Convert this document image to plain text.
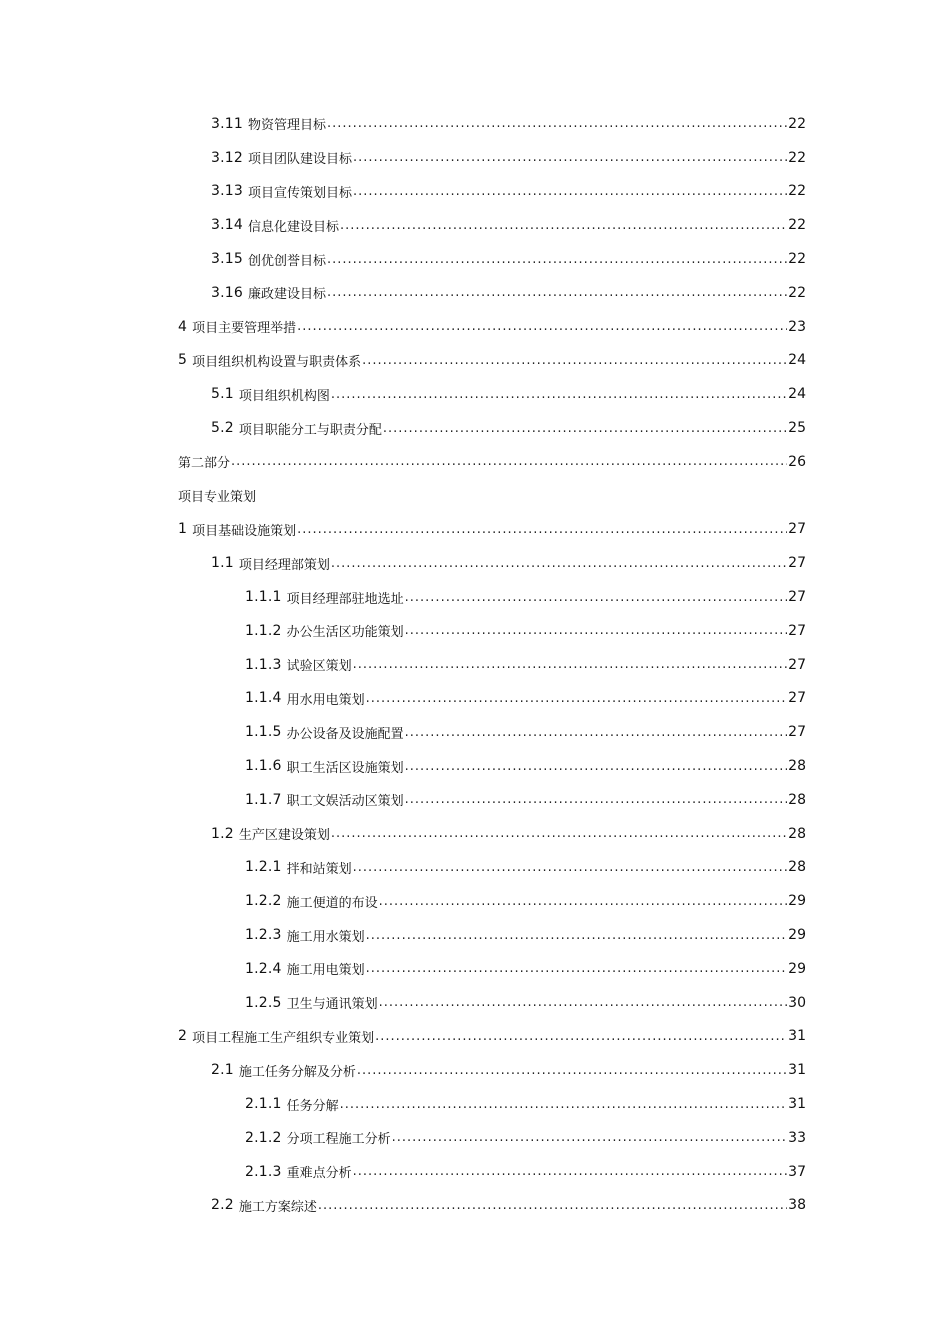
3.11 物资管理目标 .....	22
3.12 项目团队建设目标 .....	22
3.13 项目宣传策划目标 .....	22
3.14 信息化建设目标 .....	22
3.15 创优创誉目标 .....	22
3.16 廉政建设目标 .....	22
4 项目主要管理举措 .....	23
5 项目组织机构设置与职责体系 .....	24
5.1 项目组织机构图 .....	24
5.2 项目职能分工与职责分配 .....	25
第二部分 .....	26
项目专业策划
1 项目基础设施策划 .....	27
1.1 项目经理部策划 .....	27
1.1.1 项目经理部驻地选址 .....	27
1.1.2 办公生活区功能策划 .....	27
1.1.3 试验区策划 .....	27
1.1.4 用水用电策划 .....	27
1.1.5 办公设备及设施配置 .....	27
1.1.6 职工生活区设施策划 .....	28
1.1.7 职工文娱活动区策划 .....	28
1.2 生产区建设策划 .....	28
1.2.1 拌和站策划 .....	28
1.2.2 施工便道的布设 .....	29
1.2.3 施工用水策划 .....	29
1.2.4 施工用电策划 .....	29
1.2.5 卫生与通讯策划 .....	30
2 项目工程施工生产组织专业策划 .....	31
2.1 施工任务分解及分析 .....	31
2.1.1 任务分解 .....	31
2.1.2 分项工程施工分析 .....	33
2.1.3 重难点分析 .....	37
2.2 施工方案综述 .....	38
